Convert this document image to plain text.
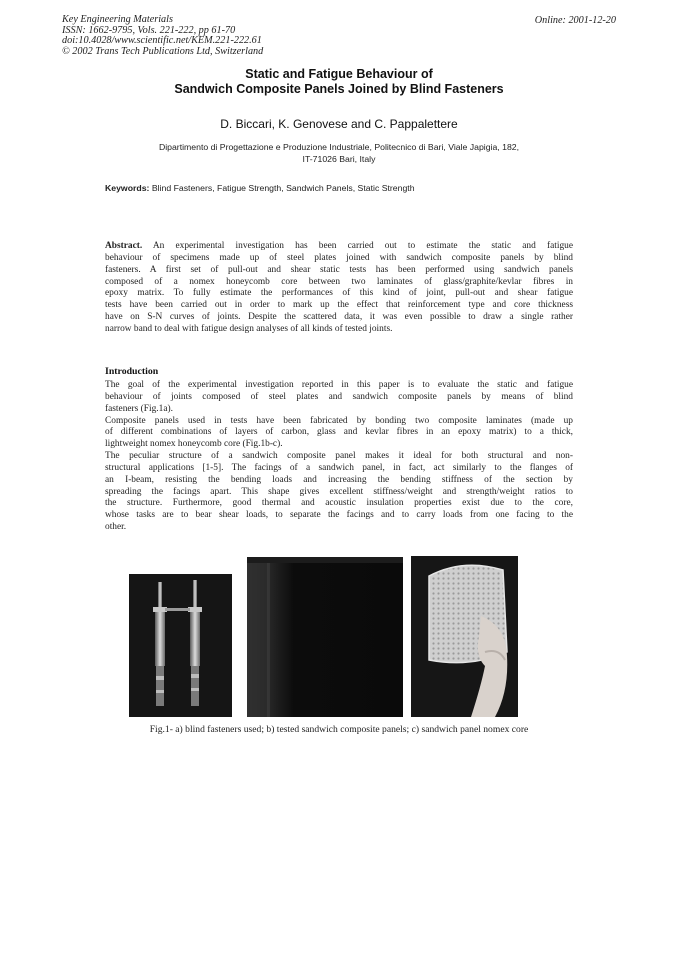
Key Engineering Materials
ISSN: 1662-9795, Vols. 221-222, pp 61-70
doi:10.4028/www.scientific.net/KEM.221-222.61
© 2002 Trans Tech Publications Ltd, Switzerland
Online: 2001-12-20
Static and Fatigue Behaviour of
Sandwich Composite Panels Joined by Blind Fasteners
D. Biccari, K. Genovese and C. Pappalettere
Dipartimento di Progettazione e Produzione Industriale, Politecnico di Bari, Viale Japigia, 182,
IT-71026 Bari, Italy
Keywords: Blind Fasteners, Fatigue Strength, Sandwich Panels, Static Strength
Abstract. An experimental investigation has been carried out to estimate the static and fatigue
behaviour of specimens made up of steel plates joined with sandwich composite panels by blind
fasteners. A first set of pull-out and shear static tests has been performed using sandwich panels
composed of a nomex honeycomb core between two laminates of glass/graphite/kevlar fibres in
epoxy matrix. To fully estimate the performances of this kind of joint, pull-out and shear fatigue
tests have been carried out in order to mark up the effect that reinforcement type and core thickness
have on S-N curves of joints. Despite the scattered data, it was even possible to draw a single rather
narrow band to deal with fatigue design analyses of all kinds of tested joints.
Introduction
The goal of the experimental investigation reported in this paper is to evaluate the static and fatigue
behaviour of joints composed of steel plates and sandwich composite panels by means of blind
fasteners (Fig.1a).
Composite panels used in tests have been fabricated by bonding two composite laminates (made up
of different combinations of layers of carbon, glass and kevlar fibres in an epoxy matrix) to a thick,
lightweight nomex honeycomb core (Fig.1b-c).
The peculiar structure of a sandwich composite panel makes it ideal for both structural and non-
structural applications [1-5]. The facings of a sandwich panel, in fact, act similarly to the flanges of
an I-beam, resisting the bending loads and increasing the bending stiffness of the section by
spreading the facings apart. This shape gives excellent stiffness/weight and strength/weight ratios to
the structure. Furthermore, good thermal and acoustic insulation properties exist due to the core,
whose tasks are to bear shear loads, to separate the facings and to carry loads from one facing to the
other.
Fig.1- a) blind fasteners used; b) tested sandwich composite panels; c) sandwich panel nomex core
